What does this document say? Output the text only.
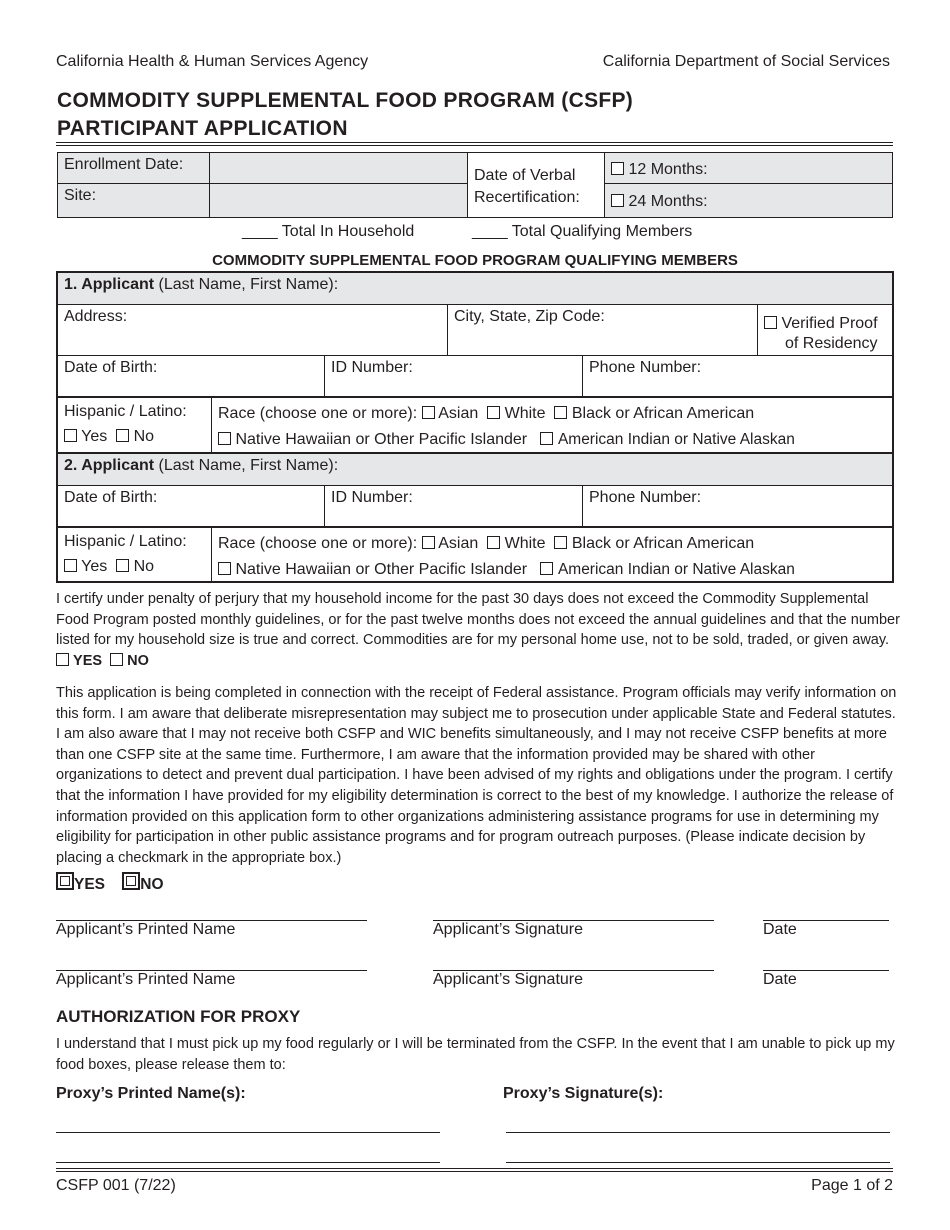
California Health & Human Services Agency	California Department of Social Services
COMMODITY SUPPLEMENTAL FOOD PROGRAM (CSFP)
PARTICIPANT APPLICATION
Enrollment Date:
Site:
Date of Verbal
Recertification:
12 Months:
24 Months:
____ Total In Household	____ Total Qualifying Members
COMMODITY SUPPLEMENTAL FOOD PROGRAM QUALIFYING MEMBERS
1. Applicant (Last Name, First Name):
Address:	City, State, Zip Code:	Verified Proof
of Residency
Date of Birth:	ID Number:	Phone Number:
Hispanic / Latino:
Yes No
Race (choose one or more): Asian White Black or African American
Native Hawaiian or Other Pacific Islander American Indian or Native Alaskan
2. Applicant (Last Name, First Name):
Date of Birth:	ID Number:	Phone Number:
Hispanic / Latino:
Yes No
Race (choose one or more): Asian White Black or African American
Native Hawaiian or Other Pacific Islander American Indian or Native Alaskan
I certify under penalty of perjury that my household income for the past 30 days does not exceed the Commodity Supplemental Food Program posted monthly guidelines, or for the past twelve months does not exceed the annual guidelines and that the number listed for my household size is true and correct. Commodities are for my personal home use, not to be sold, traded, or given away.   YES NO
This application is being completed in connection with the receipt of Federal assistance. Program officials may verify information on this form. I am aware that deliberate misrepresentation may subject me to prosecution under applicable State and Federal statutes. I am also aware that I may not receive both CSFP and WIC benefits simultaneously, and I may not receive CSFP benefits at more than one CSFP site at the same time. Furthermore, I am aware that the information provided may be shared with other organizations to detect and prevent dual participation. I have been advised of my rights and obligations under the program. I certify that the information I have provided for my eligibility determination is correct to the best of my knowledge. I authorize the release of information provided on this application form to other organizations administering assistance programs for use in determining my eligibility for participation in other public assistance programs and for program outreach purposes. (Please indicate decision by placing a checkmark in the appropriate box.)
YES NO
Applicant’s Printed Name	Applicant’s Signature	Date
Applicant’s Printed Name	Applicant’s Signature	Date
AUTHORIZATION FOR PROXY
I understand that I must pick up my food regularly or I will be terminated from the CSFP. In the event that I am unable to pick up my food boxes, please release them to:
Proxy’s Printed Name(s):	Proxy’s Signature(s):
CSFP 001 (7/22)	Page 1 of 2
